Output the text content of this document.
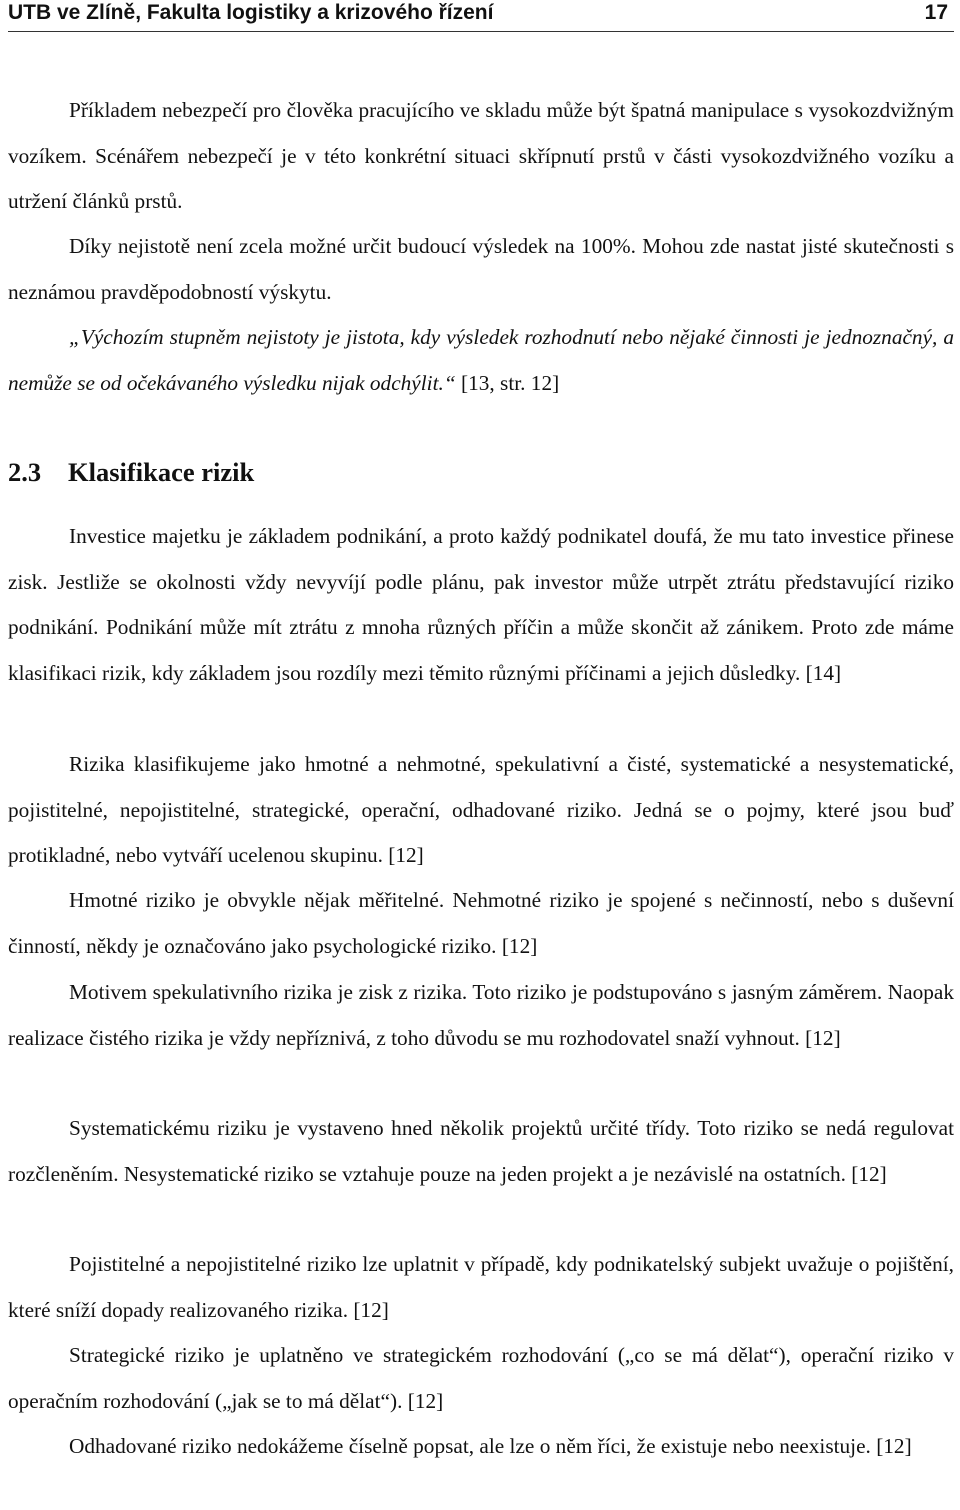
UTB ve Zlíně, Fakulta logistiky a krizového řízení	17

Příkladem nebezpečí pro člověka pracujícího ve skladu může být špatná manipulace s vysokozdvižným vozíkem. Scénářem nebezpečí je v této konkrétní situaci skřípnutí prstů v části vysokozdvižného vozíku a utržení článků prstů.

Díky nejistotě není zcela možné určit budoucí výsledek na 100%. Mohou zde nastat jisté skutečnosti s neznámou pravděpodobností výskytu.

„Výchozím stupněm nejistoty je jistota, kdy výsledek rozhodnutí nebo nějaké činnosti je jednoznačný, a nemůže se od očekávaného výsledku nijak odchýlit.“ [13, str. 12]

2.3 Klasifikace rizik

Investice majetku je základem podnikání, a proto každý podnikatel doufá, že mu tato investice přinese zisk. Jestliže se okolnosti vždy nevyvíjí podle plánu, pak investor může utrpět ztrátu představující riziko podnikání. Podnikání může mít ztrátu z mnoha různých příčin a může skončit až zánikem. Proto zde máme klasifikaci rizik, kdy základem jsou rozdíly mezi těmito různými příčinami a jejich důsledky. [14]

Rizika klasifikujeme jako hmotné a nehmotné, spekulativní a čisté, systematické a nesystematické, pojistitelné, nepojistitelné, strategické, operační, odhadované riziko. Jedná se o pojmy, které jsou buď protikladné, nebo vytváří ucelenou skupinu. [12]

Hmotné riziko je obvykle nějak měřitelné. Nehmotné riziko je spojené s nečinností, nebo s duševní činností, někdy je označováno jako psychologické riziko. [12]

Motivem spekulativního rizika je zisk z rizika. Toto riziko je podstupováno s jasným záměrem. Naopak realizace čistého rizika je vždy nepříznivá, z toho důvodu se mu rozhodovatel snaží vyhnout. [12]

Systematickému riziku je vystaveno hned několik projektů určité třídy. Toto riziko se nedá regulovat rozčleněním. Nesystematické riziko se vztahuje pouze na jeden projekt a je nezávislé na ostatních. [12]

Pojistitelné a nepojistitelné riziko lze uplatnit v případě, kdy podnikatelský subjekt uvažuje o pojištění, které sníží dopady realizovaného rizika. [12]

Strategické riziko je uplatněno ve strategickém rozhodování („co se má dělat“), operační riziko v operačním rozhodování („jak se to má dělat“). [12]

Odhadované riziko nedokážeme číselně popsat, ale lze o něm říci, že existuje nebo neexistuje. [12]
